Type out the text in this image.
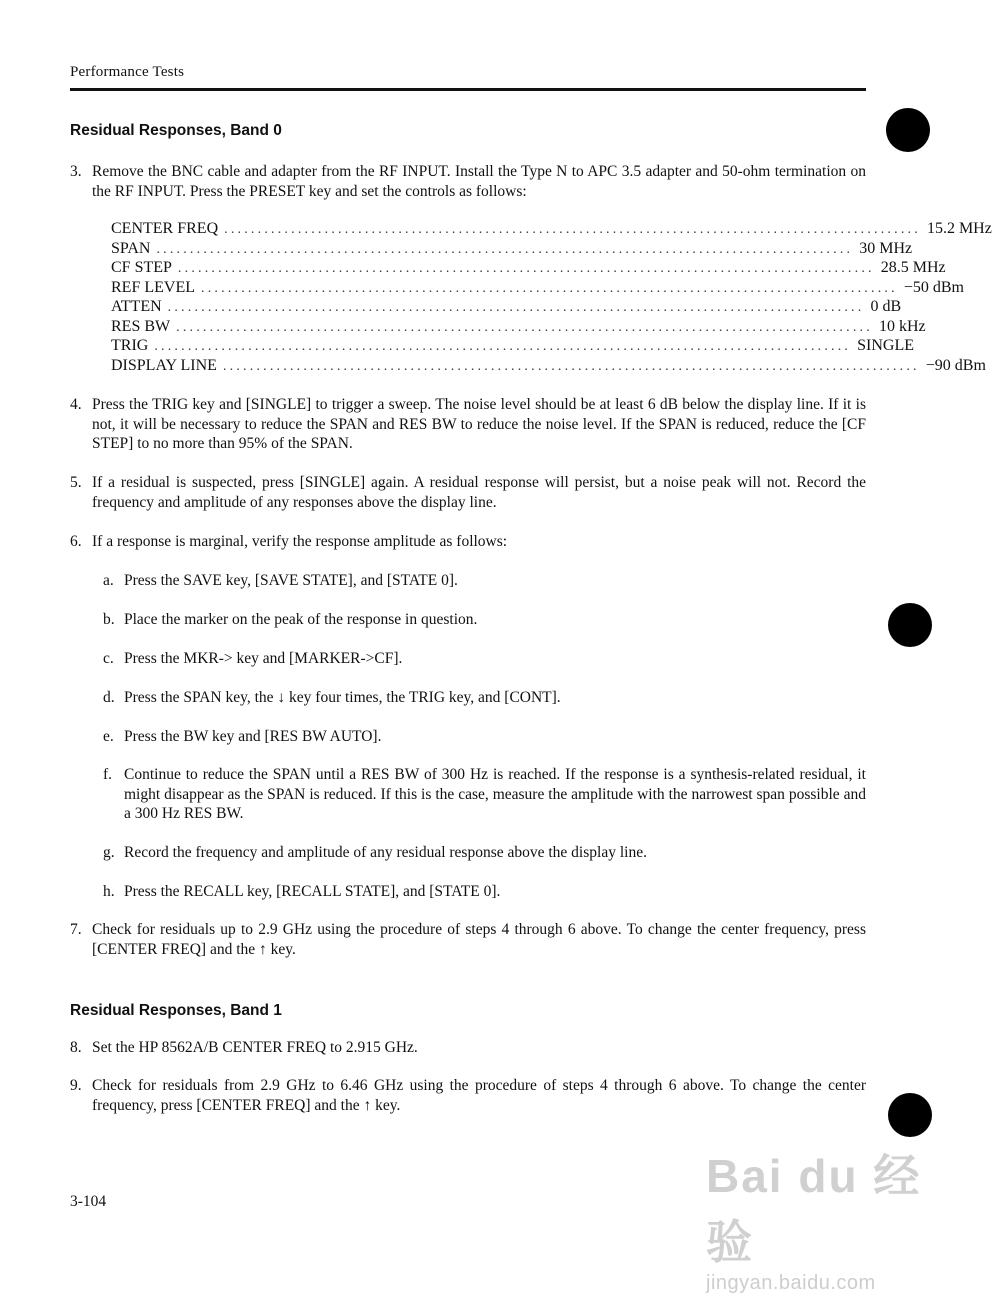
Performance Tests
Residual Responses, Band 0
3. Remove the BNC cable and adapter from the RF INPUT. Install the Type N to APC 3.5 adapter and 50-ohm termination on the RF INPUT. Press the PRESET key and set the controls as follows:
CENTER FREQ ........................................................................................................ 15.2 MHz
SPAN ........................................................................................................ 30 MHz
CF STEP ........................................................................................................ 28.5 MHz
REF LEVEL ........................................................................................................ −50 dBm
ATTEN ........................................................................................................ 0 dB
RES BW ........................................................................................................ 10 kHz
TRIG ........................................................................................................ SINGLE
DISPLAY LINE ........................................................................................................ −90 dBm
4. Press the TRIG key and [SINGLE] to trigger a sweep. The noise level should be at least 6 dB below the display line. If it is not, it will be necessary to reduce the SPAN and RES BW to reduce the noise level. If the SPAN is reduced, reduce the [CF STEP] to no more than 95% of the SPAN.
5. If a residual is suspected, press [SINGLE] again. A residual response will persist, but a noise peak will not. Record the frequency and amplitude of any responses above the display line.
6. If a response is marginal, verify the response amplitude as follows:
a. Press the SAVE key, [SAVE STATE], and [STATE 0].
b. Place the marker on the peak of the response in question.
c. Press the MKR-> key and [MARKER->CF].
d. Press the SPAN key, the ↓ key four times, the TRIG key, and [CONT].
e. Press the BW key and [RES BW AUTO].
f. Continue to reduce the SPAN until a RES BW of 300 Hz is reached. If the response is a synthesis-related residual, it might disappear as the SPAN is reduced. If this is the case, measure the amplitude with the narrowest span possible and a 300 Hz RES BW.
g. Record the frequency and amplitude of any residual response above the display line.
h. Press the RECALL key, [RECALL STATE], and [STATE 0].
7. Check for residuals up to 2.9 GHz using the procedure of steps 4 through 6 above. To change the center frequency, press [CENTER FREQ] and the ↑ key.
Residual Responses, Band 1
8. Set the HP 8562A/B CENTER FREQ to 2.915 GHz.
9. Check for residuals from 2.9 GHz to 6.46 GHz using the procedure of steps 4 through 6 above. To change the center frequency, press [CENTER FREQ] and the ↑ key.
3-104	Bai du 经验
jingyan.baidu.com
